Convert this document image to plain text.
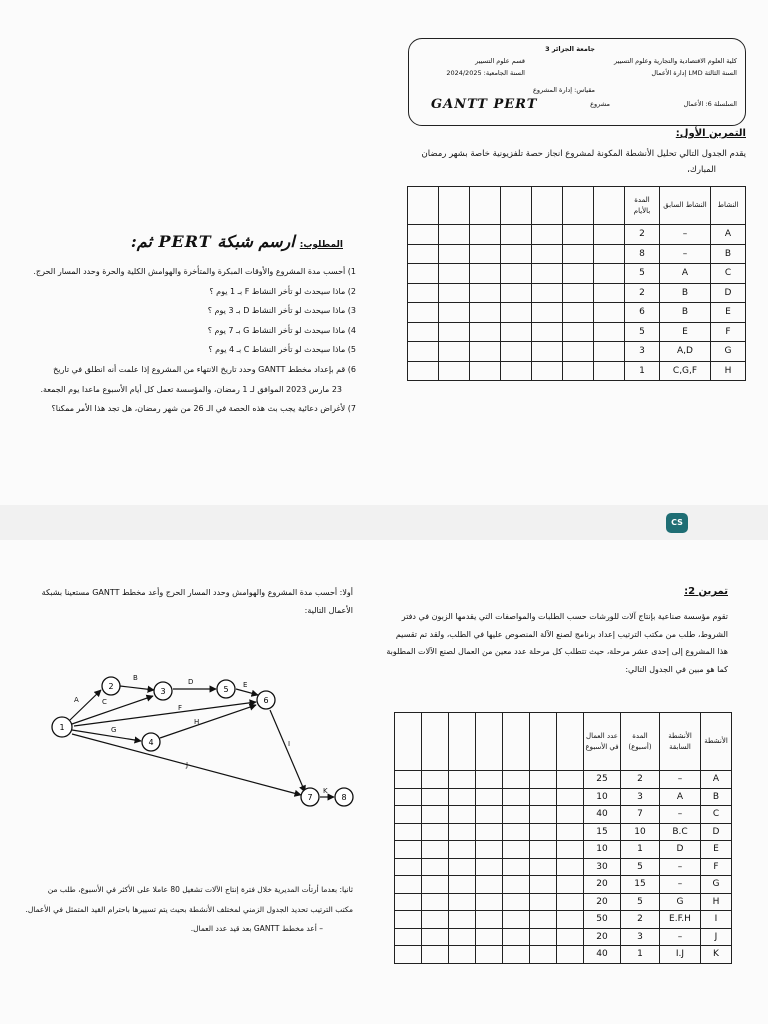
جامعة الجزائر 3
كلية العلوم الاقتصادية والتجارية وعلوم التسيير
قسم علوم التسيير
السنة الثالثة LMD إدارة الأعمال
السنة الجامعية: 2024/2025
مقياس: إدارة المشروع
السلسلة 6: الأعمال
مشروع
GANTT PERT
التمرين الأول:
يقدم الجدول التالي تحليل الأنشطة المكونة لمشروع انجاز حصة تلفزيونية خاصة بشهر رمضان
المبارك،
النشاط	النشاط السابق	المدة بالأيام							
A	–	2							
B	–	8							
C	A	5							
D	B	2							
E	B	6							
F	E	5							
G	A,D	3							
H	C,G,F	1							
المطلوب: ارسم شبكة PERT ثم:
1) أحسب مدة المشروع والأوقات المبكرة والمتأخرة والهوامش الكلية والحرة وحدد المسار الحرج.
2) ماذا سيحدث لو تأخر النشاط F بـ 1 يوم ؟
3) ماذا سيحدث لو تأخر النشاط D بـ 3 يوم ؟
4) ماذا سيحدث لو تأخر النشاط G بـ 7 يوم ؟
5) ماذا سيحدث لو تأخر النشاط C بـ 4 يوم ؟
6) قم بإعداد مخطط GANTT وحدد تاريخ الانتهاء من المشروع إذا علمت أنه انطلق في تاريخ
23 مارس 2023 الموافق لـ 1 رمضان، والمؤسسة تعمل كل أيام الأسبوع ماعدا يوم الجمعة.
7) لأغراض دعائية يجب بث هذه الحصة في الـ 26 من شهر رمضان، هل تجد هذا الأمر ممكنا؟
CS
تمرين 2:
تقوم مؤسسة صناعية بإنتاج آلات للورشات حسب الطلبات والمواصفات التي يقدمها الزبون في دفتر
الشروط، طلب من مكتب الترتيب إعداد برنامج لصنع الآلة المنصوص عليها في الطلب، ولقد تم تقسيم
هذا المشروع إلى إحدى عشر مرحلة، حيث تتطلب كل مرحلة عدد معين من العمال لصنع الآلات المطلوبة
كما هو مبين في الجدول التالي:
الأنشطة	الأنشطة السابقة	المدة (أسبوع)	عدد العمال في الأسبوع							
A	–	2	25							
B	A	3	10							
C	–	7	40							
D	B.C	10	15							
E	D	1	10							
F	–	5	30							
G	–	15	20							
H	G	5	20							
I	E.F.H	2	50							
J	–	3	20							
K	I.J	1	40							
أولا: أحسب مدة المشروع والهوامش وحدد المسار الحرج وأعد مخطط GANTT مستعينا بشبكة
الأعمال التالية:
A
B
C
D	E
F
G
H
I
J
K
1
2
3
4
5
6
7	8
ثانيا: بعدما أرتأت المديرية خلال فترة إنتاج الآلات تشغيل 80 عاملا على الأكثر في الأسبوع، طلب من
مكتب الترتيب تحديد الجدول الزمني لمختلف الأنشطة بحيث يتم تسييرها باحترام القيد المتمثل في الأعمال.
– أعد مخطط GANTT بعد قيد عدد العمال.
